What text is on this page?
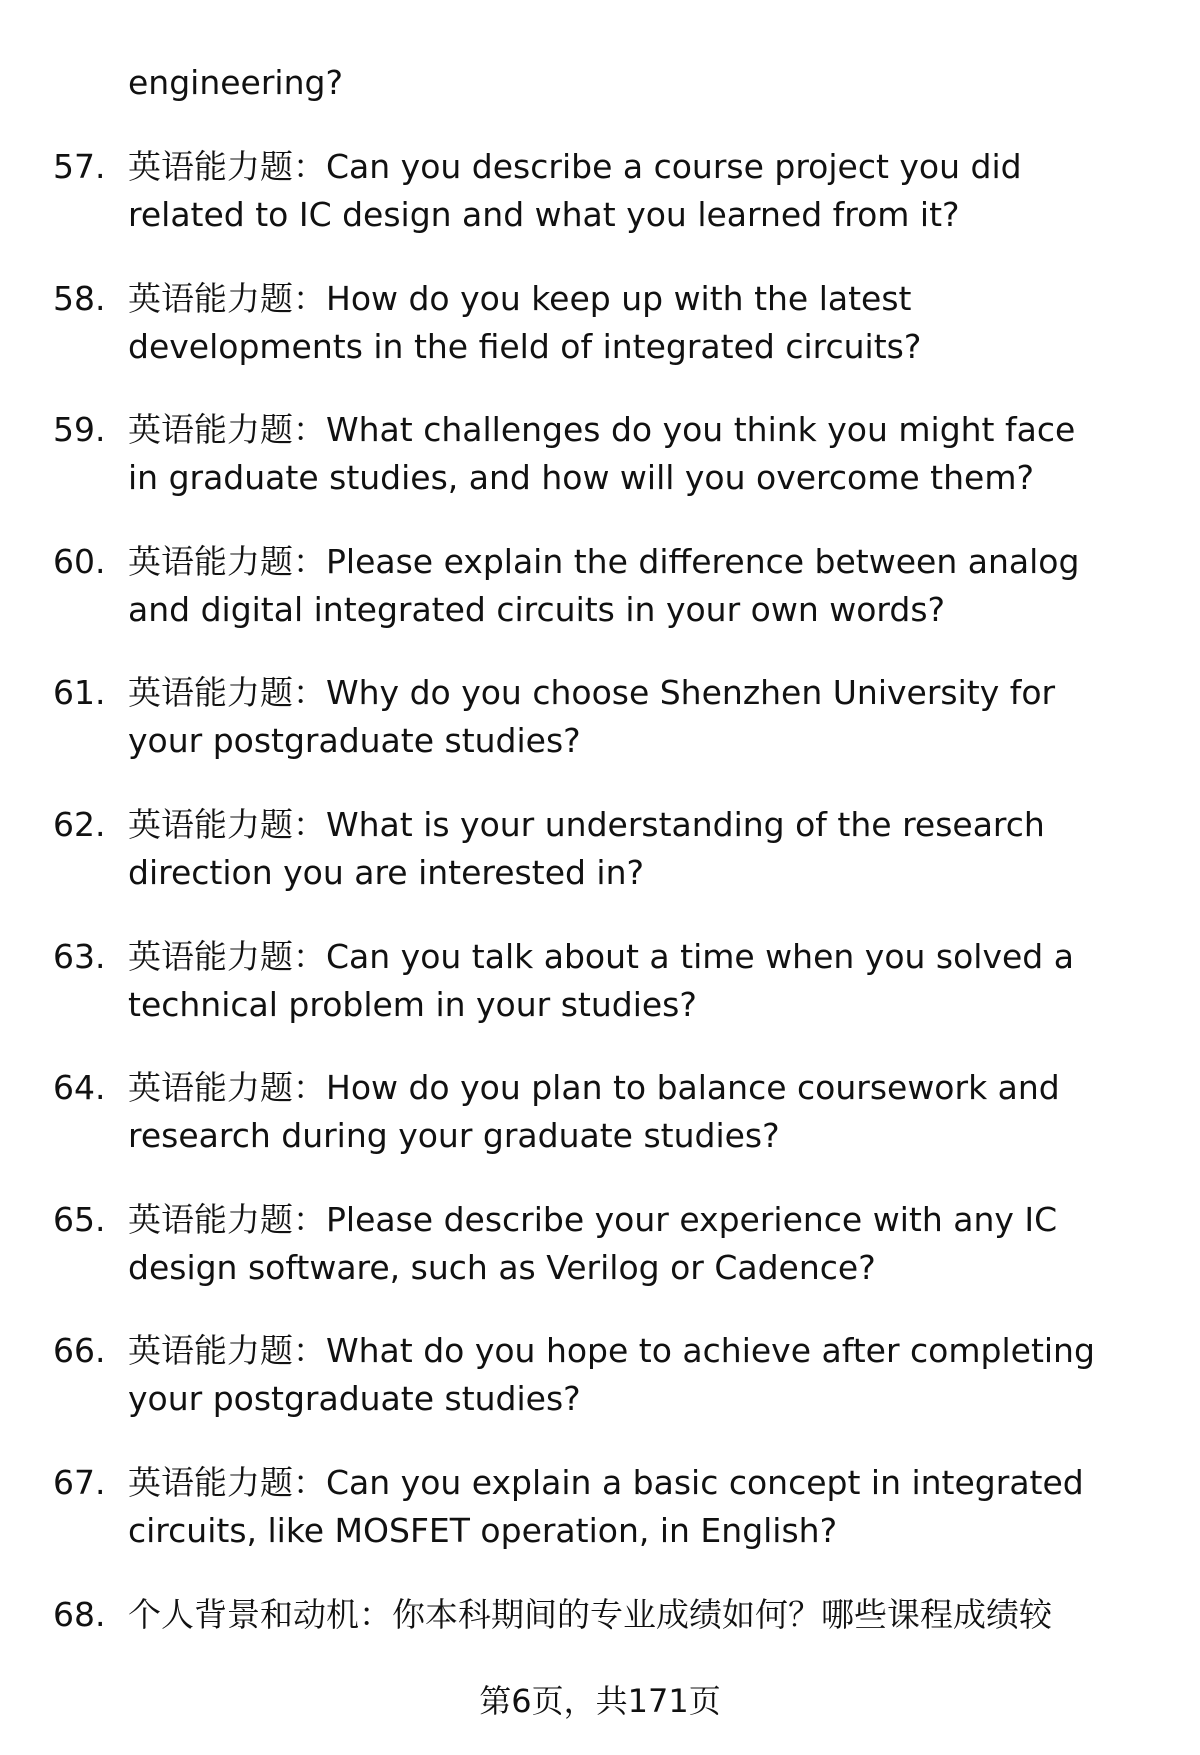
57. 英语能力题：Can you describe a course project you did
related to IC design and what you learned from it?
58. 英语能力题：How do you keep up with the latest
developments in the field of integrated circuits?
59. 英语能力题：What challenges do you think you might face
in graduate studies, and how will you overcome them?
60. 英语能力题：Please explain the difference between analog
and digital integrated circuits in your own words?
61. 英语能力题：Why do you choose Shenzhen University for
your postgraduate studies?
62. 英语能力题：What is your understanding of the research
direction you are interested in?
63. 英语能力题：Can you talk about a time when you solved a
technical problem in your studies?
64. 英语能力题：How do you plan to balance coursework and
research during your graduate studies?
65. 英语能力题：Please describe your experience with any IC
design software, such as Verilog or Cadence?
66. 英语能力题：What do you hope to achieve after completing
your postgraduate studies?
67. 英语能力题：Can you explain a basic concept in integrated
circuits, like MOSFET operation, in English?
68. 个人背景和动机：你本科期间的专业成绩如何？哪些课程成绩较
engineering?
第6页，共171页
